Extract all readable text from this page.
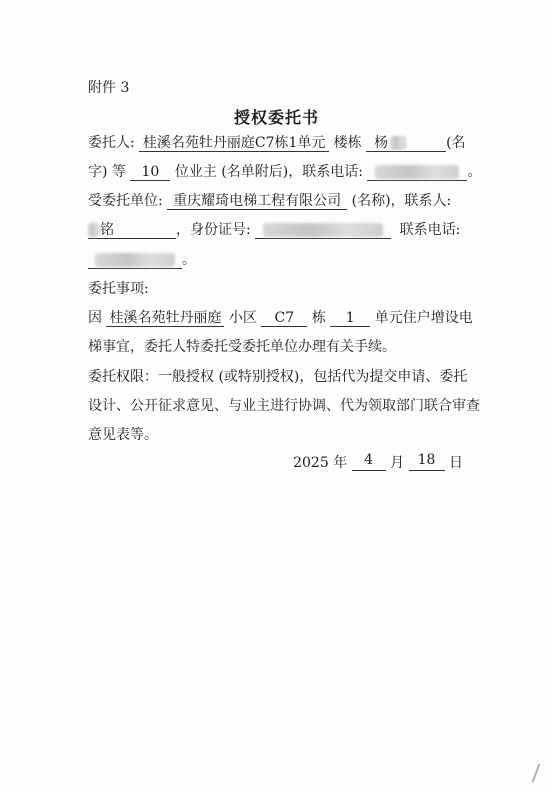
附件 3
授权委托书
委托人: 桂溪名苑牡丹丽庭C7栋1单元 楼栋 杨	(名
字) 等 10 位业主 (名单附后)，联系电话:	。
受委托单位: 重庆耀琦电梯工程有限公司 (名称)，联系人:
铭	，身份证号:	联系电话:
。
委托事项:
因 桂溪名苑牡丹丽庭 小区 C7 栋 1 单元住户增设电
梯事宜，委托人特委托受委托单位办理有关手续。
委托权限：一般授权 (或特别授权)，包括代为提交申请、委托
设计、公开征求意见、与业主进行协调、代为领取部门联合审查
意见表等。
2025 年 4 月 18 日
